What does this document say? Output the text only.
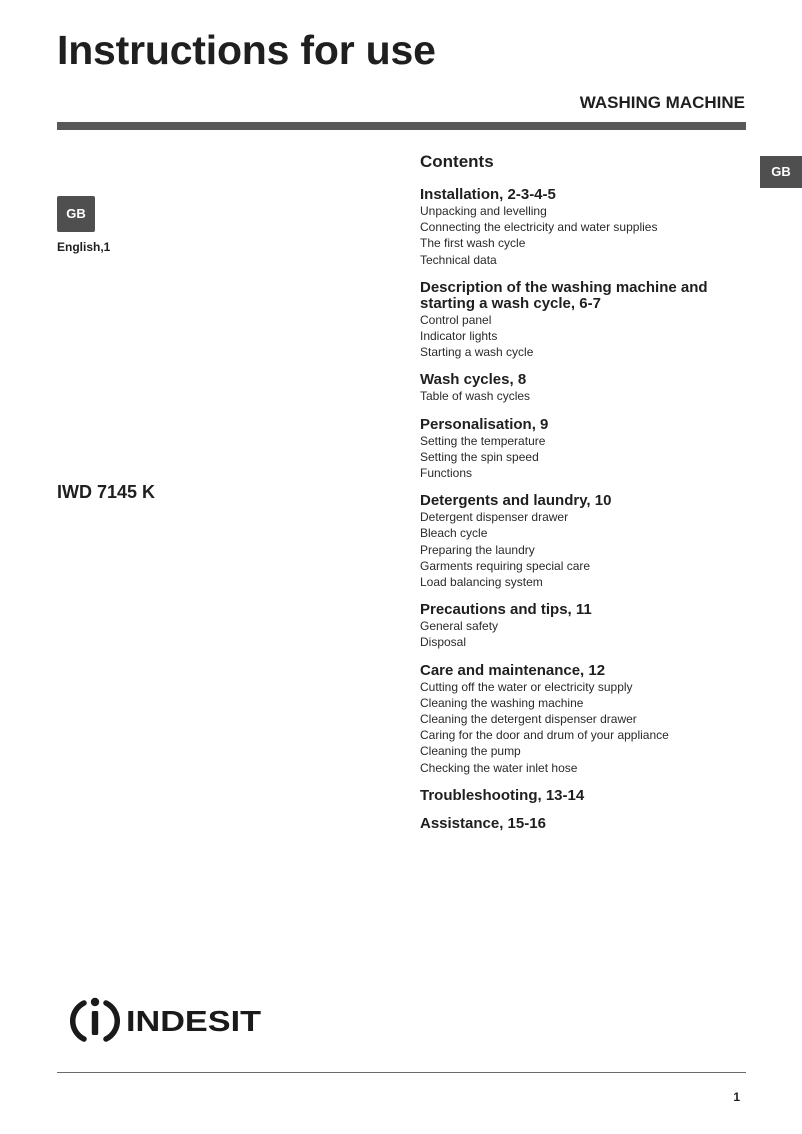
Instructions for use
WASHING MACHINE
GB
GB
English,1
IWD 7145 K
Contents
Installation, 2-3-4-5
Unpacking and levelling
Connecting the electricity and water supplies
The first wash cycle
Technical data
Description of the washing machine and starting a wash cycle, 6-7
Control panel
Indicator lights
Starting a wash cycle
Wash cycles, 8
Table of wash cycles
Personalisation, 9
Setting the temperature
Setting the spin speed
Functions
Detergents and laundry, 10
Detergent dispenser drawer
Bleach cycle
Preparing the laundry
Garments requiring special care
Load balancing system
Precautions and tips, 11
General safety
Disposal
Care and maintenance, 12
Cutting off the water or electricity supply
Cleaning the washing machine
Cleaning the detergent dispenser drawer
Caring for the door and drum of your appliance
Cleaning the pump
Checking the water inlet hose
Troubleshooting, 13-14
Assistance, 15-16
INDESIT
1
